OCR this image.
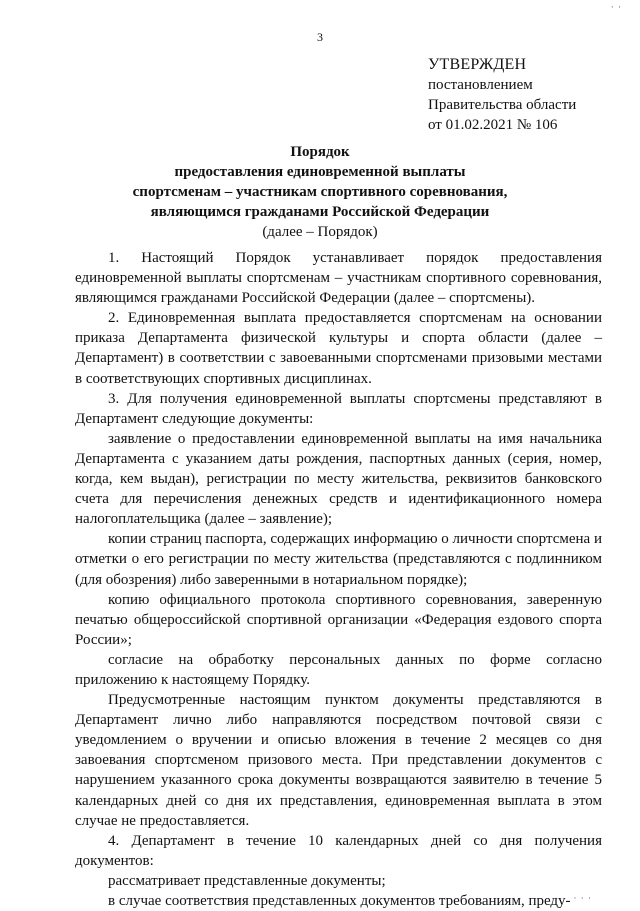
· ·
3
УТВЕРЖДЕН
постановлением
Правительства области
от 01.02.2021 № 106
Порядок
предоставления единовременной выплаты
спортсменам – участникам спортивного соревнования,
являющимся гражданами Российской Федерации
(далее – Порядок)

1. Настоящий Порядок устанавливает порядок предоставления единовременной выплаты спортсменам – участникам спортивного соревнования, являющимся гражданами Российской Федерации (далее – спортсмены).

2. Единовременная выплата предоставляется спортсменам на основании приказа Департамента физической культуры и спорта области (далее – Департамент) в соответствии с завоеванными спортсменами призовыми местами в соответствующих спортивных дисциплинах.

3. Для получения единовременной выплаты спортсмены представляют в Департамент следующие документы:

заявление о предоставлении единовременной выплаты на имя начальника Департамента с указанием даты рождения, паспортных данных (серия, номер, когда, кем выдан), регистрации по месту жительства, реквизитов банковского счета для перечисления денежных средств и идентификационного номера налогоплательщика (далее – заявление);

копии страниц паспорта, содержащих информацию о личности спортсмена и отметки о его регистрации по месту жительства (представляются с подлинником (для обозрения) либо заверенными в нотариальном порядке);

копию официального протокола спортивного соревнования, заверенную печатью общероссийской спортивной организации «Федерация ездового спорта России»;

согласие на обработку персональных данных по форме согласно приложению к настоящему Порядку.

Предусмотренные настоящим пунктом документы представляются в Департамент лично либо направляются посредством почтовой связи с уведомлением о вручении и описью вложения в течение 2 месяцев со дня завоевания спортсменом призового места. При представлении документов с нарушением указанного срока документы возвращаются заявителю в течение 5 календарных дней со дня их представления, единовременная выплата в этом случае не предоставляется.

4. Департамент в течение 10 календарных дней со дня получения документов:

рассматривает представленные документы;

в случае соответствия представленных документов требованиям, преду- · · ·
